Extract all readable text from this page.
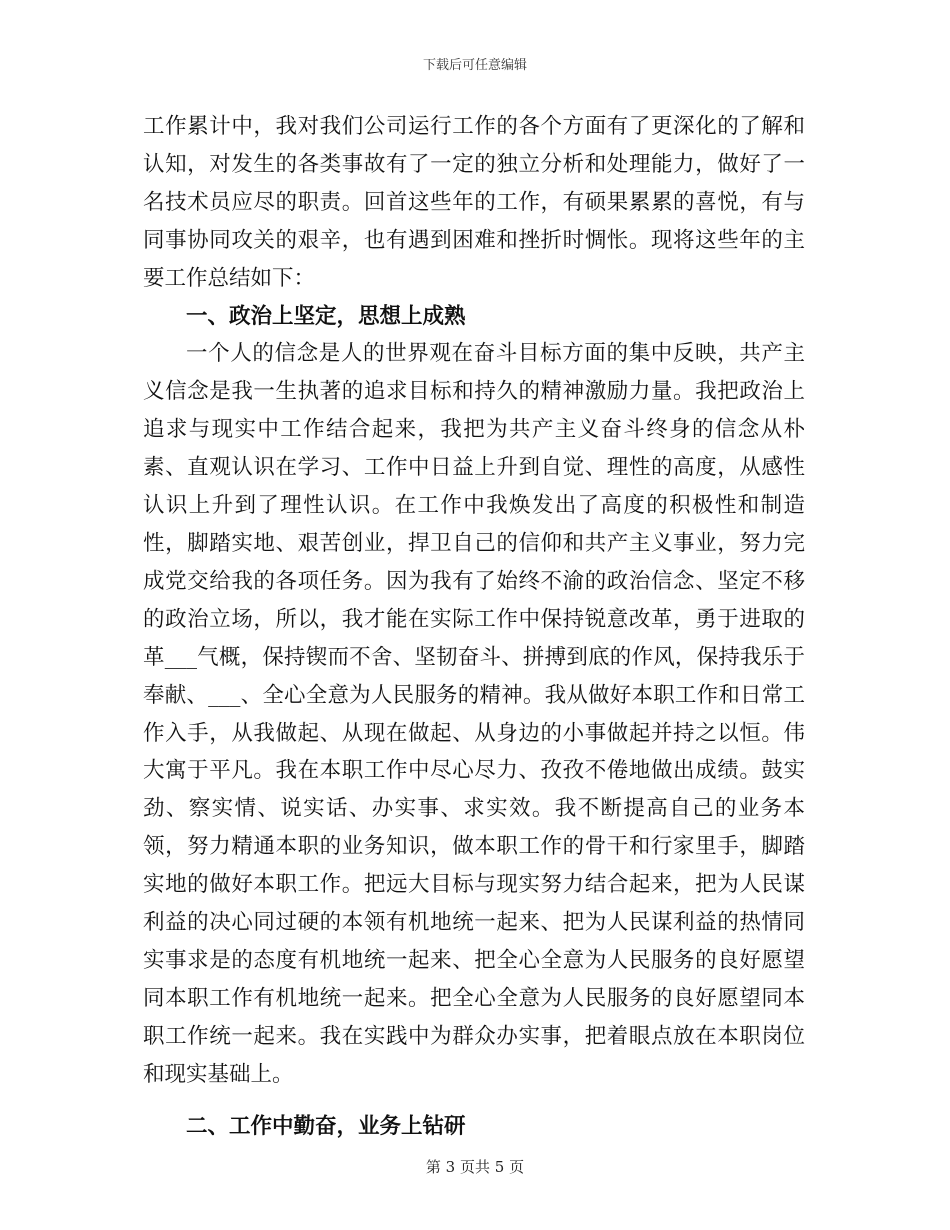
下载后可任意编辑

工作累计中，我对我们公司运行工作的各个方面有了更深化的了解和认知，对发生的各类事故有了一定的独立分析和处理能力，做好了一名技术员应尽的职责。回首这些年的工作，有硕果累累的喜悦，有与同事协同攻关的艰辛，也有遇到困难和挫折时惆怅。现将这些年的主要工作总结如下：

一、政治上坚定，思想上成熟

一个人的信念是人的世界观在奋斗目标方面的集中反映，共产主义信念是我一生执著的追求目标和持久的精神激励力量。我把政治上追求与现实中工作结合起来，我把为共产主义奋斗终身的信念从朴素、直观认识在学习、工作中日益上升到自觉、理性的高度，从感性认识上升到了理性认识。在工作中我焕发出了高度的积极性和制造性，脚踏实地、艰苦创业，捍卫自己的信仰和共产主义事业，努力完成党交给我的各项任务。因为我有了始终不渝的政治信念、坚定不移的政治立场，所以，我才能在实际工作中保持锐意改革，勇于进取的革___气概，保持锲而不舍、坚韧奋斗、拼搏到底的作风，保持我乐于奉献、___、全心全意为人民服务的精神。我从做好本职工作和日常工作入手，从我做起、从现在做起、从身边的小事做起并持之以恒。伟大寓于平凡。我在本职工作中尽心尽力、孜孜不倦地做出成绩。鼓实劲、察实情、说实话、办实事、求实效。我不断提高自己的业务本领，努力精通本职的业务知识，做本职工作的骨干和行家里手，脚踏实地的做好本职工作。把远大目标与现实努力结合起来，把为人民谋利益的决心同过硬的本领有机地统一起来、把为人民谋利益的热情同实事求是的态度有机地统一起来、把全心全意为人民服务的良好愿望同本职工作有机地统一起来。把全心全意为人民服务的良好愿望同本职工作统一起来。我在实践中为群众办实事，把着眼点放在本职岗位和现实基础上。

二、工作中勤奋，业务上钻研
第 3 页共 5 页
